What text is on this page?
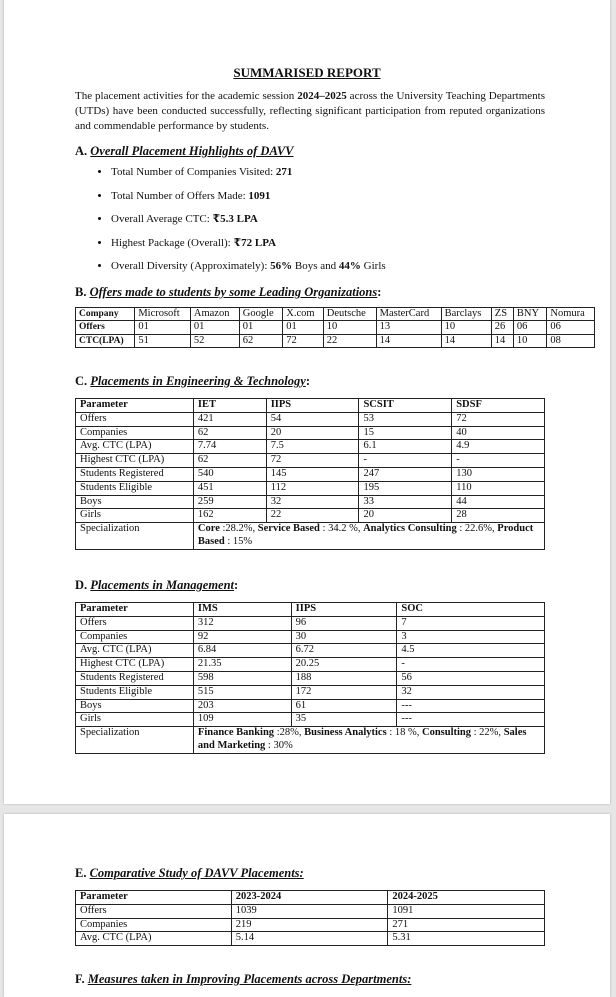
SUMMARISED REPORT
The placement activities for the academic session 2024–2025 across the University Teaching Departments (UTDs) have been conducted successfully, reflecting significant participation from reputed organizations and commendable performance by students.
A. Overall Placement Highlights of DAVV
• Total Number of Companies Visited: 271
• Total Number of Offers Made: 1091
• Overall Average CTC: ₹5.3 LPA
• Highest Package (Overall): ₹72 LPA
• Overall Diversity (Approximately): 56% Boys and 44% Girls
B. Offers made to students by some Leading Organizations:
Company	Microsoft	Amazon	Google	X.com	Deutsche	MasterCard	Barclays	ZS	BNY	Nomura
Offers	01	01	01	01	10	13	10	26	06	06
CTC(LPA)	51	52	62	72	22	14	14	14	10	08
C. Placements in Engineering & Technology:
Parameter	IET	IIPS	SCSIT	SDSF
Offers	421	54	53	72
Companies	62	20	15	40
Avg. CTC (LPA)	7.74	7.5	6.1	4.9
Highest CTC (LPA)	62	72	-	-
Students Registered	540	145	247	130
Students Eligible	451	112	195	110
Boys	259	32	33	44
Girls	162	22	20	28
Specialization	Core :28.2%, Service Based : 34.2 %, Analytics Consulting : 22.6%, Product Based : 15%			
D. Placements in Management:
Parameter	IMS	IIPS	SOC
Offers	312	96	7
Companies	92	30	3
Avg. CTC (LPA)	6.84	6.72	4.5
Highest CTC (LPA)	21.35	20.25	-
Students Registered	598	188	56
Students Eligible	515	172	32
Boys	203	61	---
Girls	109	35	---
Specialization	Finance Banking :28%, Business Analytics : 18 %, Consulting : 22%, Sales and Marketing : 30%		
E. Comparative Study of DAVV Placements:
Parameter	2023-2024	2024-2025
Offers	1039	1091
Companies	219	271
Avg. CTC (LPA)	5.14	5.31
F. Measures taken in Improving Placements across Departments:
